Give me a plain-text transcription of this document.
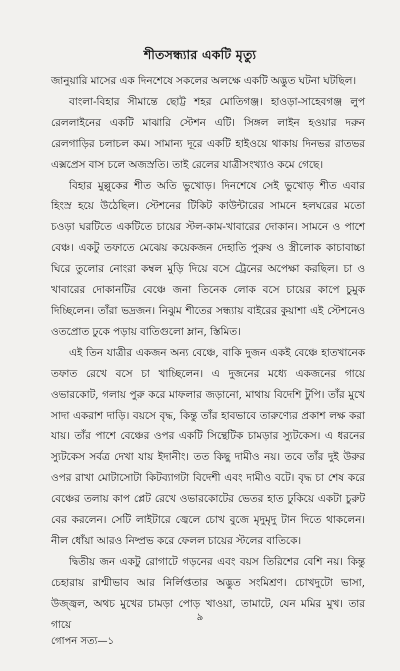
শীতসন্ধ্যার একটি মৃত্যু

জানুয়ারি মাসের এক দিনশেষে সকলের অলক্ষে একটি অদ্ভুত ঘটনা ঘটছিল।

বাংলা-বিহার সীমান্তে ছোট্ট শহর মোতিগঞ্জ। হাওড়া-সাহেবগঞ্জ লুপ রেললাইনের একটি মাঝারি স্টেশন এটি। সিঙ্গল লাইন হওয়ার দরুন রেলগাড়ির চলাচল কম। সামান্য দূরে একটি হাইওয়ে থাকায় দিনভর রাতভর এক্সপ্রেস বাস চলে অজস্রতি। তাই রেলের যাত্রীসংখ্যাও কমে গেছে।

বিহার মুল্লুকের শীত অতি ভুখোড়। দিনশেষে সেই ভুখোড় শীত এবার হিংস্র হয়ে উঠেছিল। স্টেশনের টিকিট কাউন্টারের সামনে হলঘরের মতো চওড়া ঘরটিতে একটিতে চায়ের স্টল-কাম-খাবারের দোকান। সামনে ও পাশে বেঞ্চ। একটু তফাতে মেঝেয় কয়েকজন দেহাতি পুরুষ ও স্ত্রীলোক কাচাবাচ্চা ঘিরে তুলোর নোংরা কম্বল মুড়ি দিয়ে বসে ট্রেনের অপেক্ষা করছিল। চা ও খাবারের দোকানটির বেঞ্চে জনা তিনেক লোক বসে চায়ের কাপে চুমুক দিচ্ছিলেন। তাঁরা ভদ্রজন। নিঝুম শীতের সন্ধ্যায় বাইরের কুয়াশা এই স্টেশনেও ওতপ্রোত ঢুকে পড়ায় বাতিগুলো ম্লান, স্তিমিত।

এই তিন যাত্রীর একজন অন্য বেঞ্চে, বাকি দুজন একই বেঞ্চে হাতখানেক তফাত রেখে বসে চা খাচ্ছিলেন। এ দুজনের মধ্যে একজনের গায়ে ওভারকোট, গলায় পুরু করে মাফলার জড়ানো, মাথায় বিদেশি টুপি। তাঁর মুখে সাদা একরাশ দাড়ি। বয়সে বৃদ্ধ, কিন্তু তাঁর হাবভাবে তারুণ্যের প্রকাশ লক্ষ করা যায়। তাঁর পাশে বেঞ্চের ওপর একটি সিন্থেটিক চামড়ার স্যুটকেস। এ ধরনের স্যুটকেস সর্বত্র দেখা যায় ইদানীং। তত কিছু দামীও নয়। তবে তাঁর দুই উরুর ওপর রাখা মোটাসোটা কিটব্যাগটা বিদেশী এবং দামীও বটে। বৃদ্ধ চা শেষ করে বেঞ্চের তলায় কাপ প্লেট রেখে ওভারকোটের ভেতর হাত ঢুকিয়ে একটা চুরুট বের করলেন। সেটি লাইটারে জ্বেলে চোখ বুজে মৃদুমৃদু টান দিতে থাকলেন। নীল ধোঁয়া আরও নিষ্প্রভ করে ফেলল চায়ের স্টলের বাতিকে।

দ্বিতীয় জন একটু রোগাটে গড়নের এবং বয়স তিরিশের বেশি নয়। কিন্তু চেহারায় রাশ্মীভাব আর নির্লিপ্ততার অদ্ভুত সংমিশ্রণ। চোখদুটো ভাসা, উজ্জ্বল, অথচ মুখের চামড়া পোড় খাওয়া, তামাটে, যেন মমির মুখ। তার গায়ে

৯
গোপন সত্য—১
